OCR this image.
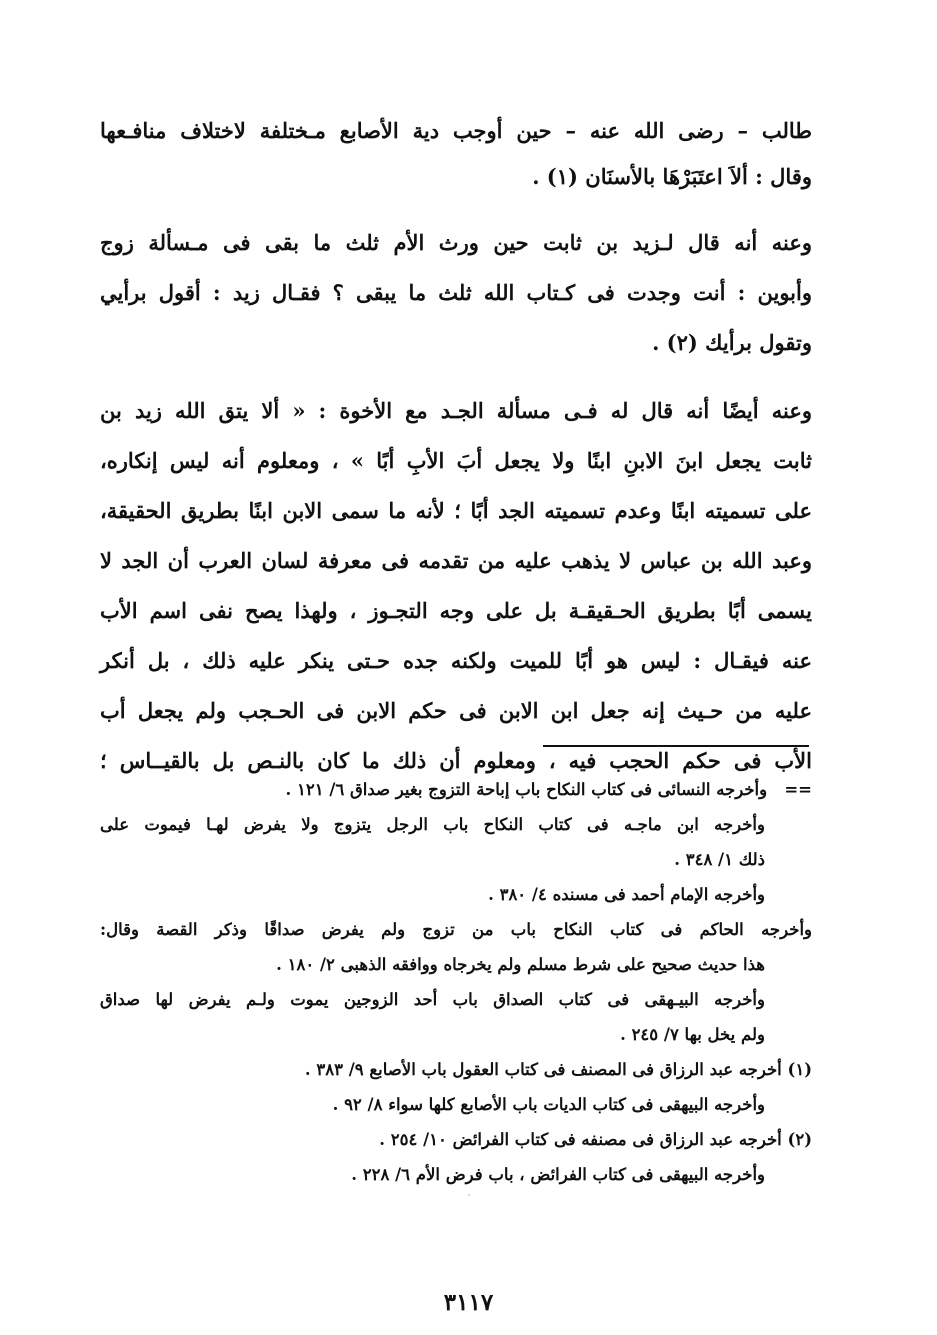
طالب – رضى الله عنه – حين أوجب دية الأصابع مـختلفة لاختلاف منافـعها
وقال : ألاَ اعتَبَرْهَا بالأسنَان (١) .
وعنه أنه قال لـزيد بن ثابت حين ورث الأم ثلث ما بقى فى مـسألة زوج
وأبوين : أنت وجدت فى كـتاب الله ثلث ما يبقى ؟ فقـال زيد : أقول برأيي
وتقول برأيك (٢) .
وعنه أيضًا أنه قال له فـى مسألة الجـد مع الأخوة : « ألا يتق الله زيد بن
ثابت يجعل ابنَ الابنِ ابنًا ولا يجعل أبَ الأبِ أبًا » ، ومعلوم أنه ليس إنكاره،
على تسميته ابنًا وعدم تسميته الجد أبًا ؛ لأنه ما سمى الابن ابنًا بطريق الحقيقة،
وعبد الله بن عباس لا يذهب عليه من تقدمه فى معرفة لسان العرب أن الجد لا
يسمى أبًا بطريق الحـقيقـة بل على وجه التجـوز ، ولهذا يصح نفى اسم الأب
عنه فيقـال : ليس هو أبًا للميت ولكنه جده حـتى ينكر عليه ذلك ، بل أنكر
عليه من حـيث إنه جعل ابن الابن فى حكم الابن فى الحـجب ولم يجعل أب
الأب فى حكم الحجب فيه ، ومعلوم أن ذلك ما كان بالنـص بل بالقيــاس ؛
==   وأخرجه النسائى فى كتاب النكاح باب إباحة التزوج بغير صداق ٦/ ١٢١ .
وأخرجه ابن ماجـه فى كتاب النكاح باب الرجل يتزوج ولا يفرض لهـا فيموت على
ذلك ١/ ٣٤٨ .
وأخرجه الإمام أحمد فى مسنده ٤/ ٣٨٠ .
وأخرجه الحاكم فى كتاب النكاح باب من تزوج ولم يفرض صداقًا وذكر القصة وقال:
هذا حديث صحيح على شرط مسلم ولم يخرجاه ووافقه الذهبى ٢/ ١٨٠ .
وأخرجه البيـهقى فى كتاب الصداق باب أحد الزوجين يموت ولـم يفرض لها صداق
ولم يخل بها ٧/ ٢٤٥ .
(١) أخرجه عبد الرزاق فى المصنف فى كتاب العقول باب الأصابع ٩/ ٣٨٣ .
وأخرجه البيهقى فى كتاب الديات باب الأصابع كلها سواء ٨/ ٩٢ .
(٢) أخرجه عبد الرزاق فى مصنفه فى كتاب الفرائض ١٠/ ٢٥٤ .
وأخرجه البيهقى فى كتاب الفرائض ، باب فرض الأم ٦/ ٢٢٨ .
٣١١٧
